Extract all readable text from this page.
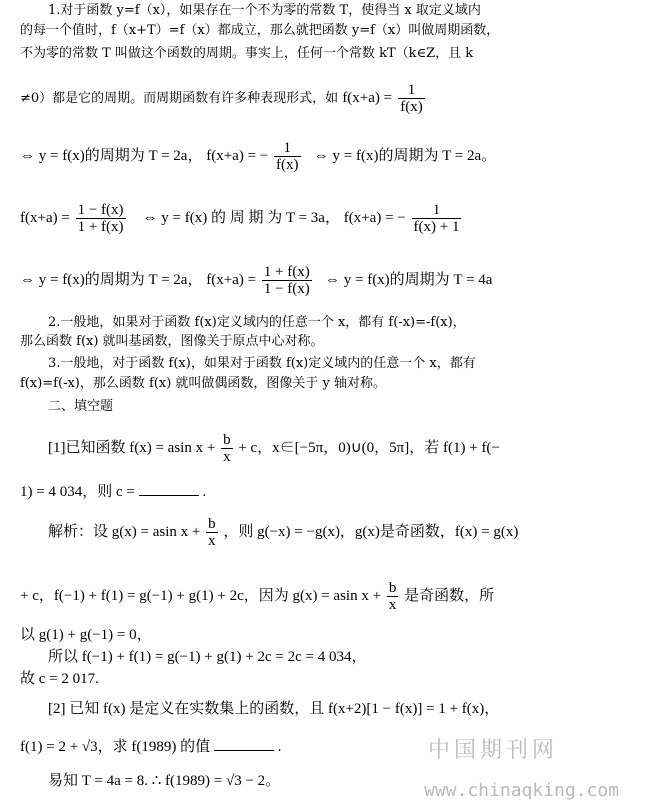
1.对于函数 y=f（x），如果存在一个不为零的常数 T，使得当 x 取定义域内
的每一个值时，f（x+T）=f（x）都成立，那么就把函数 y=f（x）叫做周期函数，
不为零的常数 T 叫做这个函数的周期。事实上，任何一个常数 kT（k∈Z，且 k
≠0）都是它的周期。而周期函数有许多种表现形式，如 $f(x+a) = \frac{1}{f(x)}$
⇔ y = f(x)的周期为 T = 2a， f(x+a) = − $\frac{1}{f(x)}$ ⇔ y = f(x)的周期为 T = 2a。
$f(x+a) = \frac{1 - f(x)}{1 + f(x)}$ ⇔ y = f(x) 的 周 期 为 T = 3a， f(x+a) = − $\frac{1}{f(x) + 1}$
⇔ y = f(x)的周期为 T = 2a， $f(x+a) = \frac{1 + f(x)}{1 - f(x)}$ ⇔ y = f(x)的周期为 T = 4a
2.一般地，如果对于函数 f(x)定义域内的任意一个 x，都有 f(-x)=-f(x)，
那么函数 f(x) 就叫基函数，图像关于原点中心对称。
3.一般地，对于函数 f(x)，如果对于函数 f(x)定义域内的任意一个 x，都有
f(x)=f(-x)，那么函数 f(x) 就叫做偶函数，图像关于 y 轴对称。
二、填空题
[1]已知函数 f(x) = asin $x + \frac{b}{x} + c$，x∈[−5π，0)∪(0，5π]，若 f(1) + f(−
1) = 4 034，则 c =	.
解析：设 g(x) = asin $x + \frac{b}{x}$ ，则 g(−x) = −g(x)，g(x)是奇函数，f(x) = g(x)
+ c，f(−1) + f(1) = g(−1) + g(1) + 2c，因为 g(x) = asin $x + \frac{b}{x}$ 是奇函数，所
以 g(1) + g(−1) = 0，
所以 f(−1) + f(1) = g(−1) + g(1) + 2c = 2c = 4 034，
故 c = 2 017.
[2] 已知 f(x) 是定义在实数集上的函数，且 f(x+2)[1 − f(x)] = 1 + f(x)，
f(1) = 2 + √3，求 f(1989) 的值	.
易知 T = 4a = 8. ∴ f(1989) = √3 − 2。
中国期刊网
www.chinaqking.com
